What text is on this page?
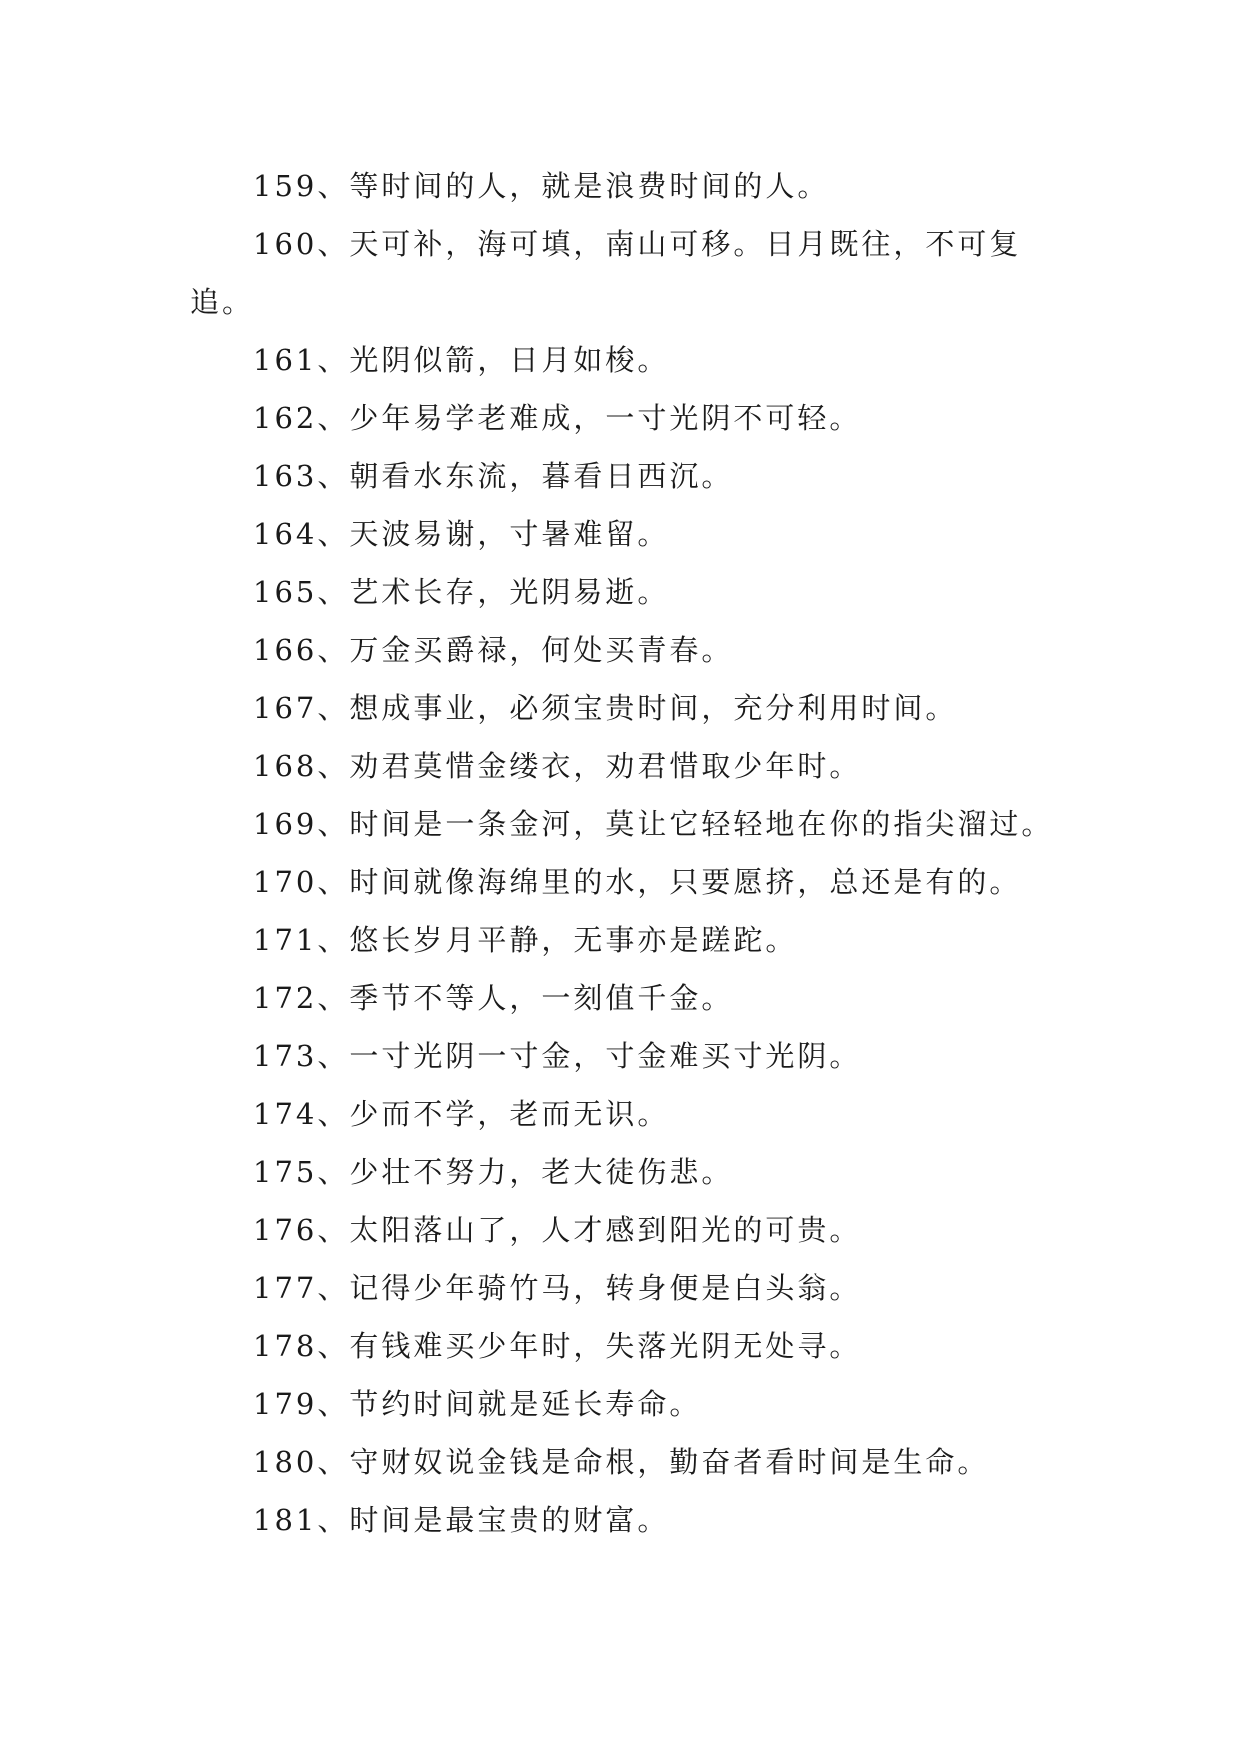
159、等时间的人，就是浪费时间的人。

160、天可补，海可填，南山可移。日月既往，不可复追。

161、光阴似箭，日月如梭。

162、少年易学老难成，一寸光阴不可轻。

163、朝看水东流，暮看日西沉。

164、天波易谢，寸暑难留。

165、艺术长存，光阴易逝。

166、万金买爵禄，何处买青春。

167、想成事业，必须宝贵时间，充分利用时间。

168、劝君莫惜金缕衣，劝君惜取少年时。

169、时间是一条金河，莫让它轻轻地在你的指尖溜过。

170、时间就像海绵里的水，只要愿挤，总还是有的。

171、悠长岁月平静，无事亦是蹉跎。

172、季节不等人，一刻值千金。

173、一寸光阴一寸金，寸金难买寸光阴。

174、少而不学，老而无识。

175、少壮不努力，老大徒伤悲。

176、太阳落山了，人才感到阳光的可贵。

177、记得少年骑竹马，转身便是白头翁。

178、有钱难买少年时，失落光阴无处寻。

179、节约时间就是延长寿命。

180、守财奴说金钱是命根，勤奋者看时间是生命。

181、时间是最宝贵的财富。
